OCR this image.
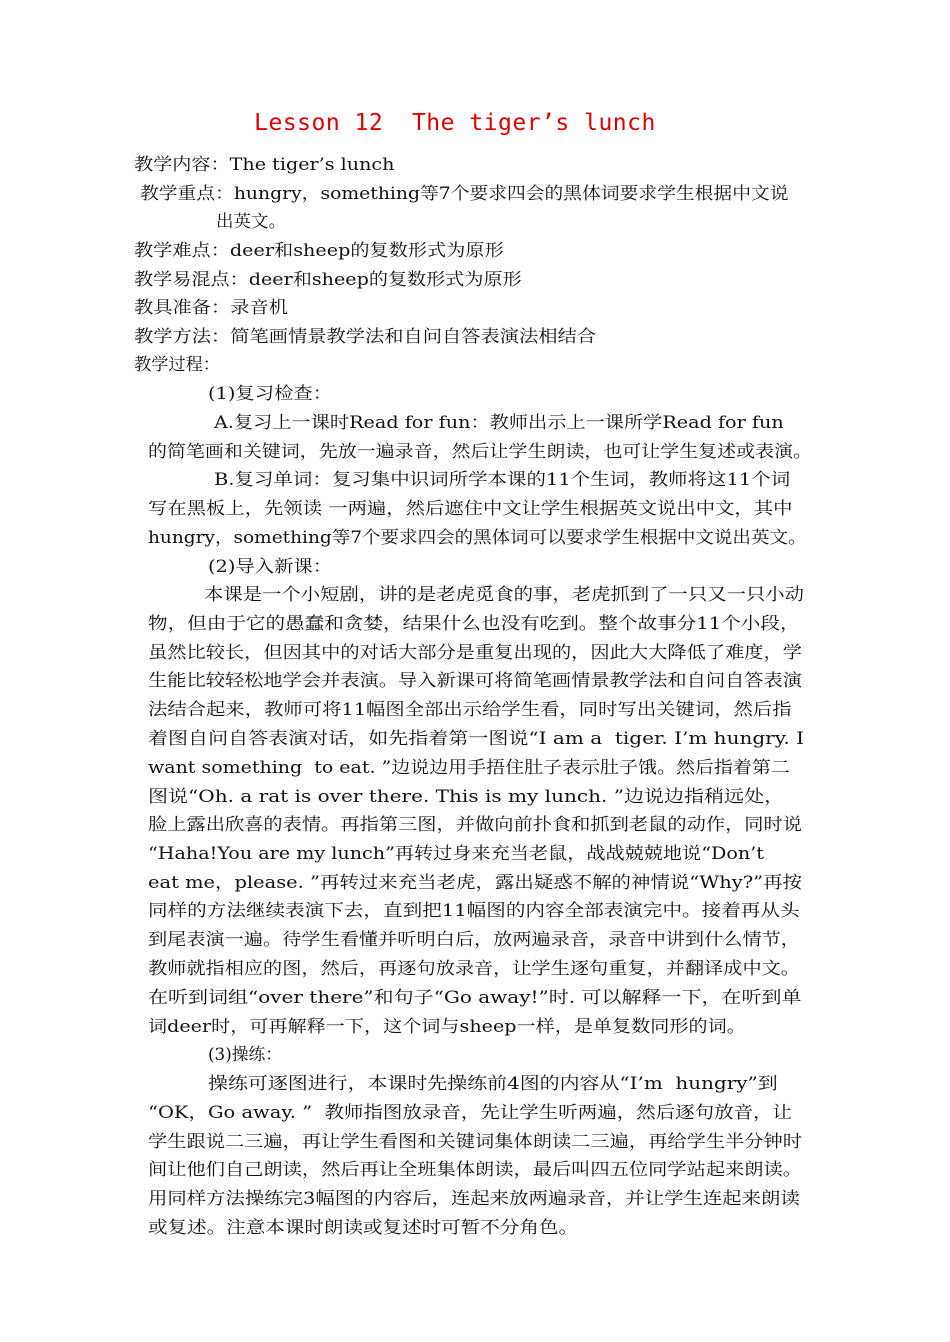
Lesson 12  The tiger’s lunch
教学内容：The tiger’s lunch
教学重点：hungry，something等7个要求四会的黑体词要求学生根据中文说
出英文。
教学难点：deer和sheep的复数形式为原形
教学易混点：deer和sheep的复数形式为原形
教具准备：录音机
教学方法：简笔画情景教学法和自问自答表演法相结合
教学过程：
(1)复习检查：
A.复习上一课时Read for fun：教师出示上一课所学Read for fun
的简笔画和关键词，先放一遍录音，然后让学生朗读，也可让学生复述或表演。
B.复习单词：复习集中识词所学本课的11个生词，教师将这11个词
写在黑板上，先领读 一两遍，然后遮住中文让学生根据英文说出中文，其中
hungry，something等7个要求四会的黑体词可以要求学生根据中文说出英文。
(2)导入新课：
本课是一个小短剧，讲的是老虎觅食的事，老虎抓到了一只又一只小动
物，但由于它的愚蠢和贪婪，结果什么也没有吃到。整个故事分11个小段，
虽然比较长，但因其中的对话大部分是重复出现的，因此大大降低了难度，学
生能比较轻松地学会并表演。导入新课可将简笔画情景教学法和自问自答表演
法结合起来，教师可将11幅图全部出示给学生看，同时写出关键词，然后指
着图自问自答表演对话，如先指着第一图说“I am a  tiger. I’m hungry. I
want something  to eat. ”边说边用手捂住肚子表示肚子饿。然后指着第二
图说“Oh. a rat is over there. This is my lunch. ”边说边指稍远处，
脸上露出欣喜的表情。再指第三图，并做向前扑食和抓到老鼠的动作，同时说
“Haha!You are my lunch”再转过身来充当老鼠，战战兢兢地说“Don’t
eat me，please. ”再转过来充当老虎，露出疑惑不解的神情说“Why?”再按
同样的方法继续表演下去，直到把11幅图的内容全部表演完中。接着再从头
到尾表演一遍。待学生看懂并听明白后，放两遍录音，录音中讲到什么情节，
教师就指相应的图，然后，再逐句放录音，让学生逐句重复，并翻译成中文。
在听到词组“over there”和句子“Go away!”时. 可以解释一下，在听到单
词deer时，可再解释一下，这个词与sheep一样，是单复数同形的词。
(3)操练：
操练可逐图进行，本课时先操练前4图的内容从“I’m  hungry”到
“OK，Go away. ”  教师指图放录音，先让学生听两遍，然后逐句放音，让
学生跟说二三遍，再让学生看图和关键词集体朗读二三遍，再给学生半分钟时
间让他们自己朗读，然后再让全班集体朗读，最后叫四五位同学站起来朗读。
用同样方法操练完3幅图的内容后，连起来放两遍录音，并让学生连起来朗读
或复述。注意本课时朗读或复述时可暂不分角色。
